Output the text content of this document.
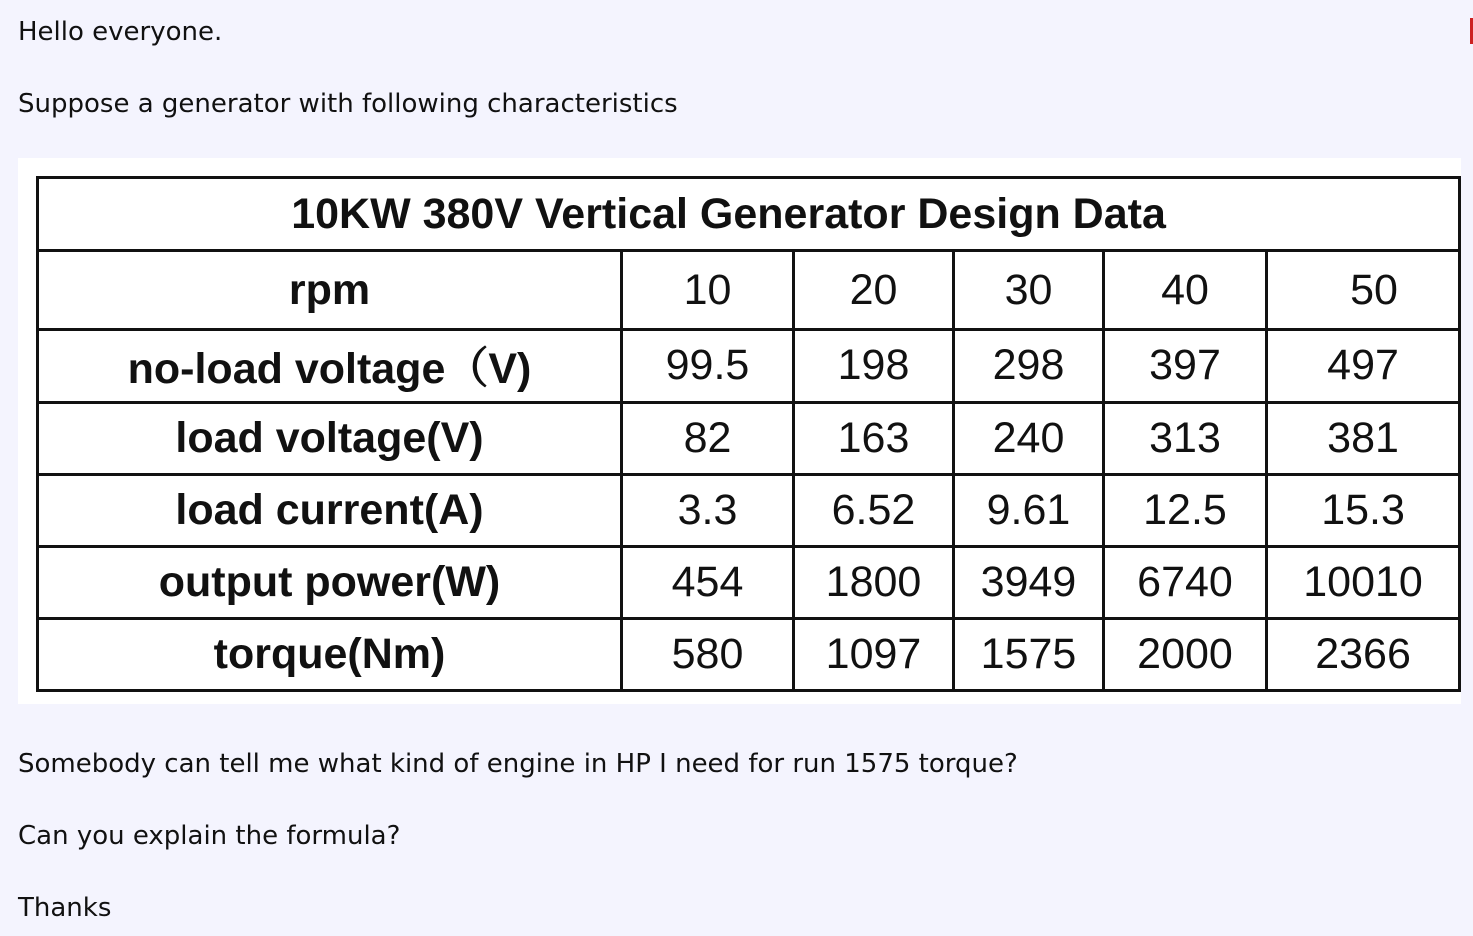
Hello everyone.

Suppose a generator with following characteristics

10KW 380V Vertical Generator Design Data					
rpm	10	20	30	40	50
no-load voltage（V)	99.5	198	298	397	497
load voltage(V)	82	163	240	313	381
load current(A)	3.3	6.52	9.61	12.5	15.3
output power(W)	454	1800	3949	6740	10010
torque(Nm)	580	1097	1575	2000	2366

Somebody can tell me what kind of engine in HP I need for run 1575 torque?

Can you explain the formula?

Thanks
